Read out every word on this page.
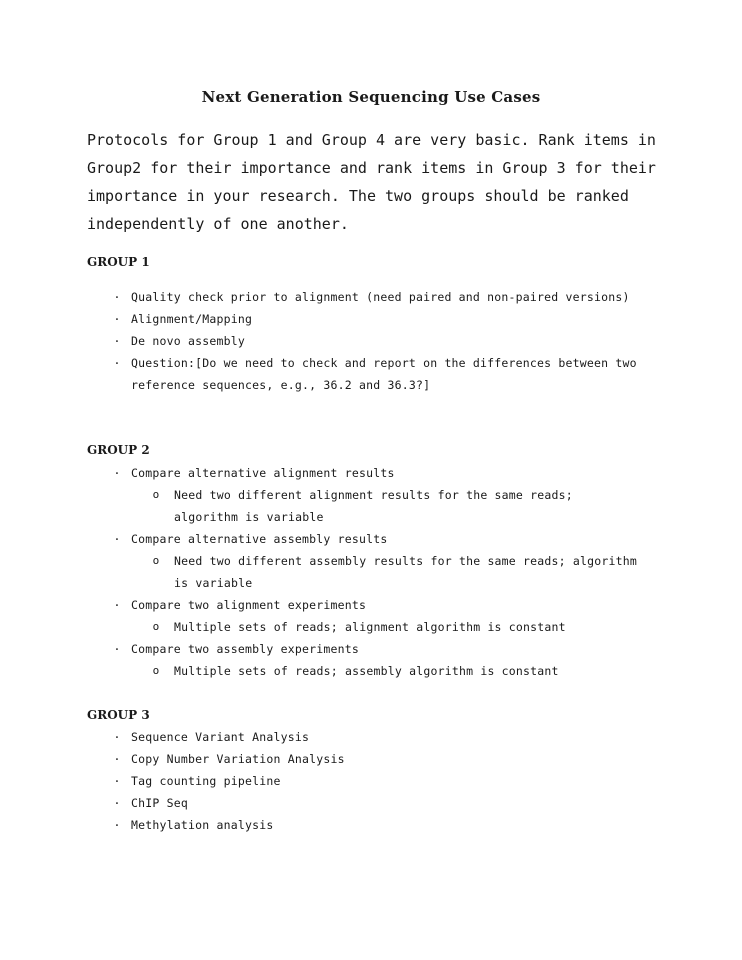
Next Generation Sequencing Use Cases

Protocols for Group 1 and Group 4 are very basic. Rank items in Group2 for their importance and rank items in Group 3 for their importance in your research. The two groups should be ranked independently of one another.

GROUP 1
· Quality check prior to alignment (need paired and non-paired versions)
· Alignment/Mapping
· De novo assembly
· Question:[Do we need to check and report on the differences between two reference sequences, e.g., 36.2 and 36.3?]
GROUP 2
· Compare alternative alignment results
o Need two different alignment results for the same reads; algorithm is variable
· Compare alternative assembly results
o Need two different assembly results for the same reads; algorithm is variable
· Compare two alignment experiments
o Multiple sets of reads; alignment algorithm is constant
· Compare two assembly experiments
o Multiple sets of reads; assembly algorithm is constant
GROUP 3
· Sequence Variant Analysis
· Copy Number Variation Analysis
· Tag counting pipeline
· ChIP Seq
· Methylation analysis
